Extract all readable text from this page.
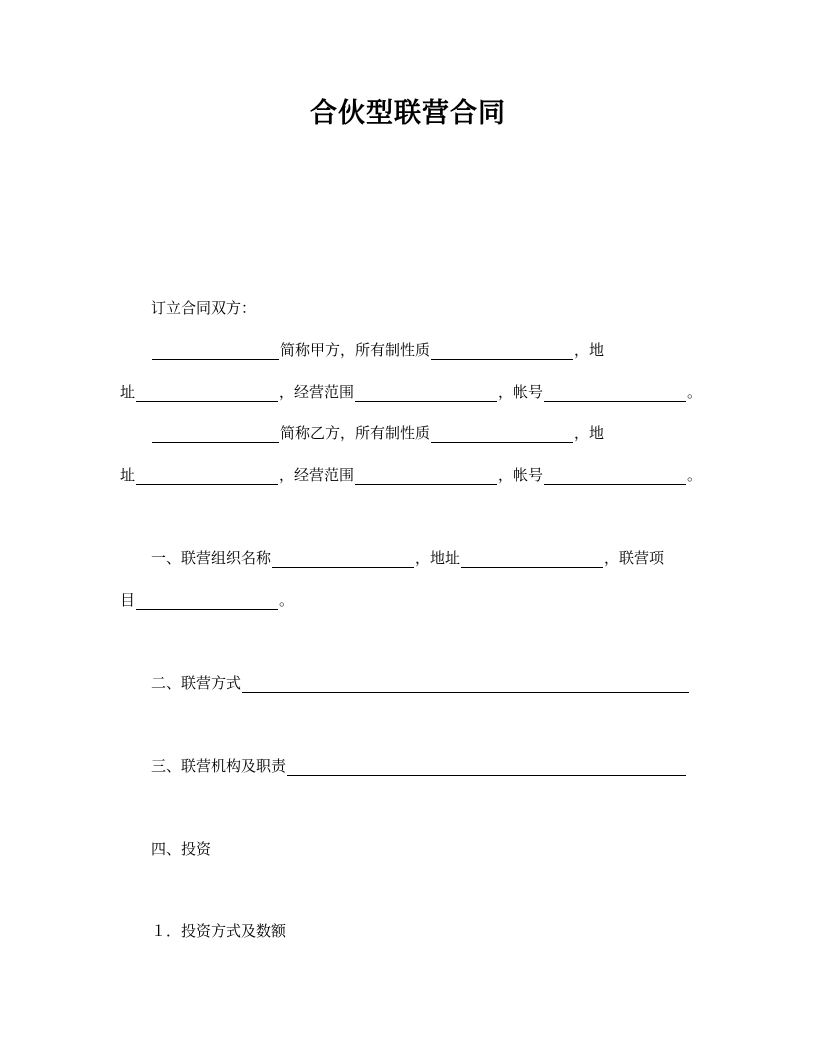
合伙型联营合同
订立合同双方：
简称甲方，所有制性质	，地
址	，经营范围	，帐号	。
简称乙方，所有制性质	，地
址	，经营范围	，帐号	。
一、联营组织名称	，地址	，联营项
目	。
二、联营方式
三、联营机构及职责
四、投资
１．投资方式及数额
